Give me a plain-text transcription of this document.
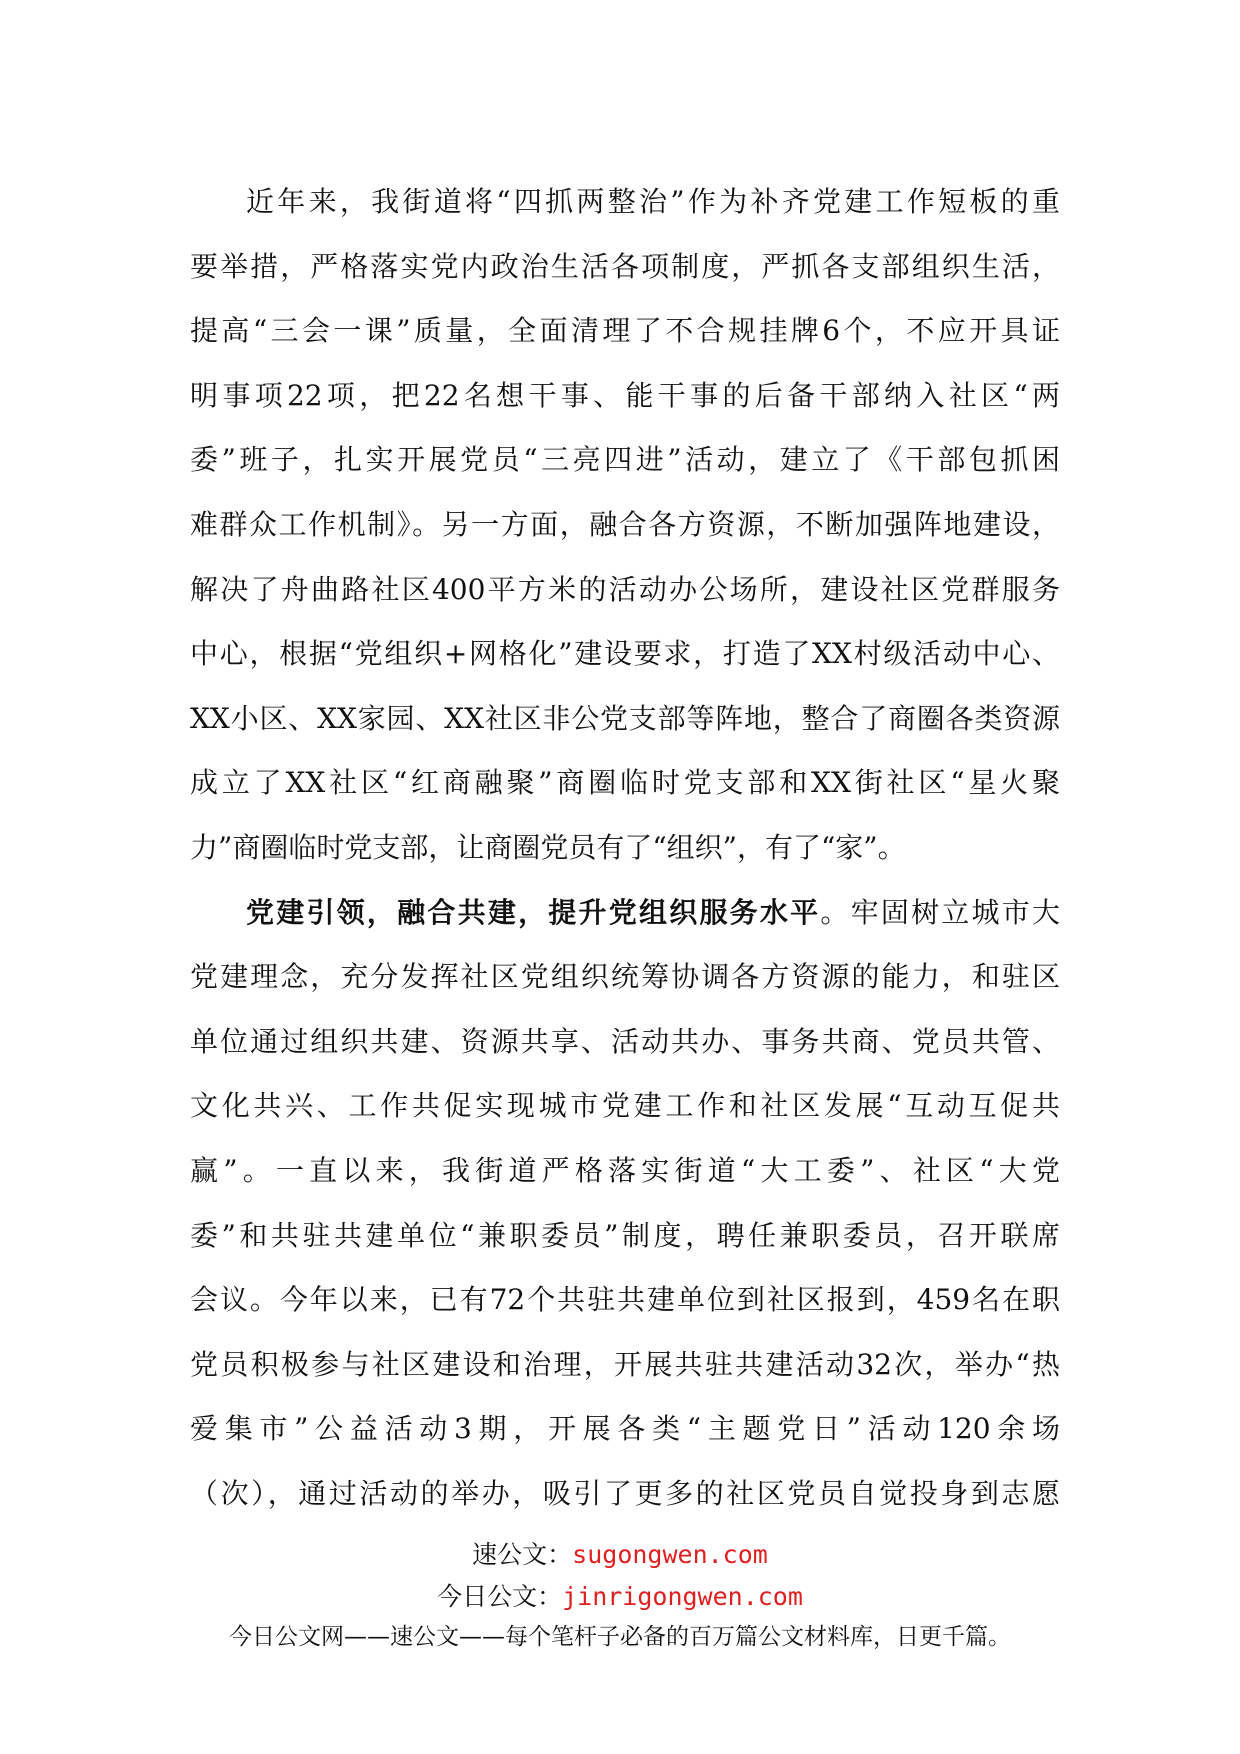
近年来，我街道将“四抓两整治”作为补齐党建工作短板的重
要举措，严格落实党内政治生活各项制度，严抓各支部组织生活，
提高“三会一课”质量，全面清理了不合规挂牌6个，不应开具证
明事项22项，把22名想干事、能干事的后备干部纳入社区“两
委”班子，扎实开展党员“三亮四进”活动，建立了《干部包抓困
难群众工作机制》。另一方面，融合各方资源，不断加强阵地建设，
解决了舟曲路社区400平方米的活动办公场所，建设社区党群服务
中心，根据“党组织+网格化”建设要求，打造了XX村级活动中心、
XX小区、XX家园、XX社区非公党支部等阵地，整合了商圈各类资源
成立了XX社区“红商融聚”商圈临时党支部和XX街社区“星火聚
力”商圈临时党支部，让商圈党员有了“组织”，有了“家”。
党建引领，融合共建，提升党组织服务水平。牢固树立城市大
党建理念，充分发挥社区党组织统筹协调各方资源的能力，和驻区
单位通过组织共建、资源共享、活动共办、事务共商、党员共管、
文化共兴、工作共促实现城市党建工作和社区发展“互动互促共
赢”。一直以来，我街道严格落实街道“大工委”、社区“大党
委”和共驻共建单位“兼职委员”制度，聘任兼职委员，召开联席
会议。今年以来，已有72个共驻共建单位到社区报到，459名在职
党员积极参与社区建设和治理，开展共驻共建活动32次，举办“热
爱集市”公益活动3期，开展各类“主题党日”活动120余场
（次），通过活动的举办，吸引了更多的社区党员自觉投身到志愿
速公文：sugongwen.com
今日公文：jinrigongwen.com
今日公文网——速公文——每个笔杆子必备的百万篇公文材料库，日更千篇。
